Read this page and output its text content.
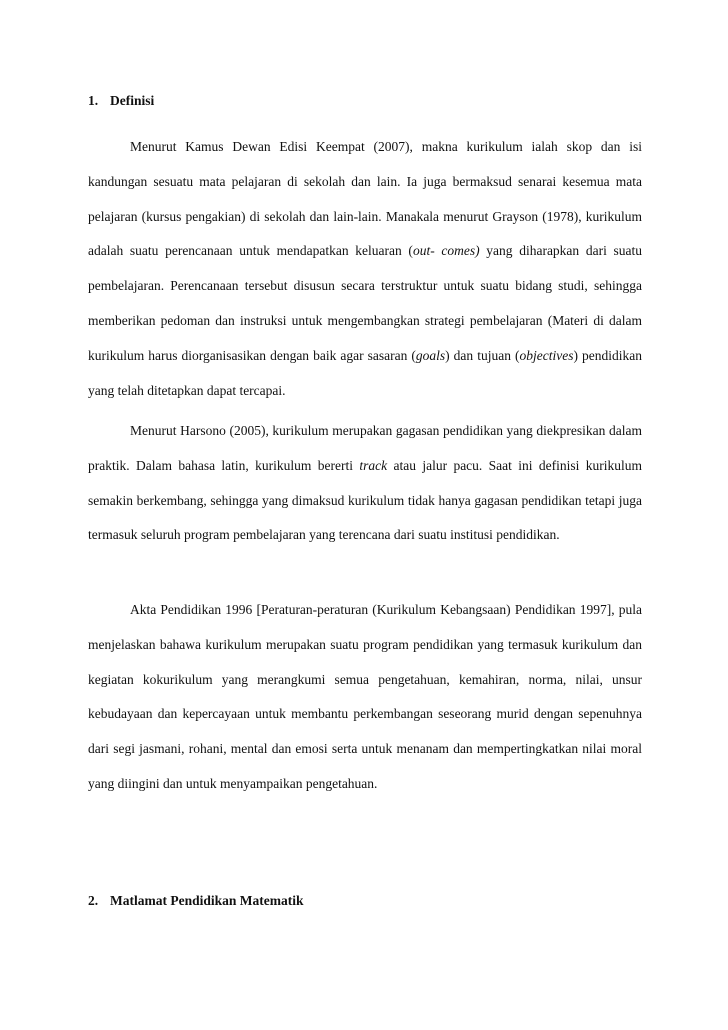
1. Definisi

Menurut Kamus Dewan Edisi Keempat (2007), makna kurikulum ialah skop dan isi kandungan sesuatu mata pelajaran di sekolah dan lain. Ia juga bermaksud senarai kesemua mata pelajaran (kursus pengakian) di sekolah dan lain-lain. Manakala menurut Grayson (1978), kurikulum adalah suatu perencanaan untuk mendapatkan keluaran (out- comes) yang diharapkan dari suatu pembelajaran. Perencanaan tersebut disusun secara terstruktur untuk suatu bidang studi, sehingga memberikan pedoman dan instruksi untuk mengembangkan strategi pembelajaran (Materi di dalam kurikulum harus diorganisasikan dengan baik agar sasaran (goals) dan tujuan (objectives) pendidikan yang telah ditetapkan dapat tercapai.

Menurut Harsono (2005), kurikulum merupakan gagasan pendidikan yang diekpresikan dalam praktik. Dalam bahasa latin, kurikulum bererti track atau jalur pacu. Saat ini definisi kurikulum semakin berkembang, sehingga yang dimaksud kurikulum tidak hanya gagasan pendidikan tetapi juga termasuk seluruh program pembelajaran yang terencana dari suatu institusi pendidikan.

Akta Pendidikan 1996 [Peraturan-peraturan (Kurikulum Kebangsaan) Pendidikan 1997], pula menjelaskan bahawa kurikulum merupakan suatu program pendidikan yang termasuk kurikulum dan kegiatan kokurikulum yang merangkumi semua pengetahuan, kemahiran, norma, nilai, unsur kebudayaan dan kepercayaan untuk membantu perkembangan seseorang murid dengan sepenuhnya dari segi jasmani, rohani, mental dan emosi serta untuk menanam dan mempertingkatkan nilai moral yang diingini dan untuk menyampaikan pengetahuan.

2. Matlamat Pendidikan Matematik
